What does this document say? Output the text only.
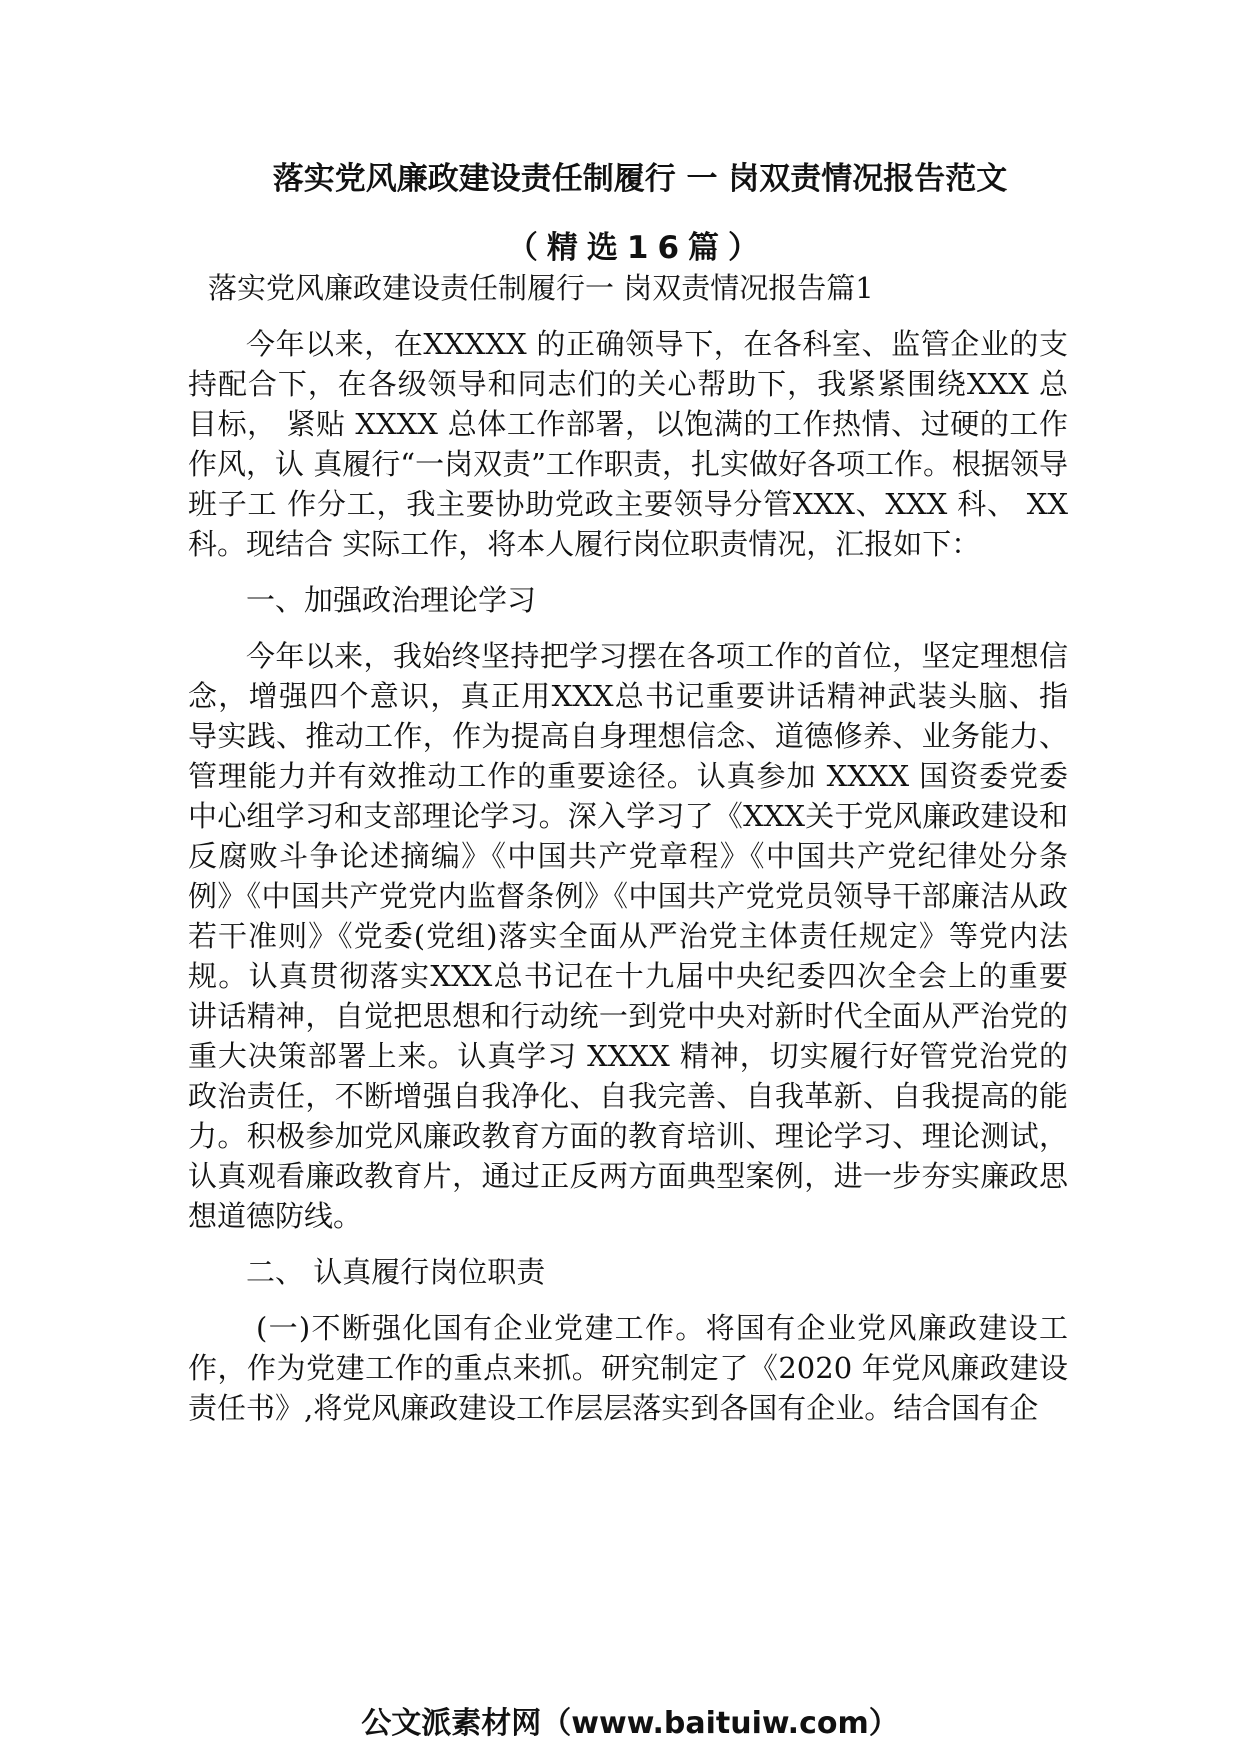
落实党风廉政建设责任制履行 一 岗双责情况报告范文
（精选16篇）

落实党风廉政建设责任制履行一 岗双责情况报告篇1

今年以来，在XXXXX 的正确领导下，在各科室、监管企业的支持配合下，在各级领导和同志们的关心帮助下，我紧紧围绕XXX 总目标， 紧贴 XXXX 总体工作部署，以饱满的工作热情、过硬的工作作风，认 真履行“一岗双责”工作职责，扎实做好各项工作。根据领导班子工 作分工，我主要协助党政主要领导分管XXX、XXX 科、 XX 科。现结合 实际工作，将本人履行岗位职责情况，汇报如下：

一、加强政治理论学习

今年以来，我始终坚持把学习摆在各项工作的首位，坚定理想信念，增强四个意识，真正用XXX总书记重要讲话精神武装头脑、指 导实践、推动工作，作为提高自身理想信念、道德修养、业务能力、管理能力并有效推动工作的重要途径。认真参加 XXXX 国资委党委中心组学习和支部理论学习。深入学习了《XXX关于党风廉政建设和 反腐败斗争论述摘编》《中国共产党章程》《中国共产党纪律处分条例》《中国共产党党内监督条例》《中国共产党党员领导干部廉洁从政若干准则》《党委(党组)落实全面从严治党主体责任规定》等党内法规。认真贯彻落实XXX总书记在十九届中央纪委四次全会上的重要 讲话精神，自觉把思想和行动统一到党中央对新时代全面从严治党的重大决策部署上来。认真学习 XXXX 精神，切实履行好管党治党的政治责任，不断增强自我净化、自我完善、自我革新、自我提高的能力。积极参加党风廉政教育方面的教育培训、理论学习、理论测试，认真观看廉政教育片，通过正反两方面典型案例，进一步夯实廉政思想道德防线。

二、 认真履行岗位职责

(一)不断强化国有企业党建工作。将国有企业党风廉政建设工作，作为党建工作的重点来抓。研究制定了《2020 年党风廉政建设责任书》,将党风廉政建设工作层层落实到各国有企业。结合国有企

公文派素材网（www.baituiw.com）
